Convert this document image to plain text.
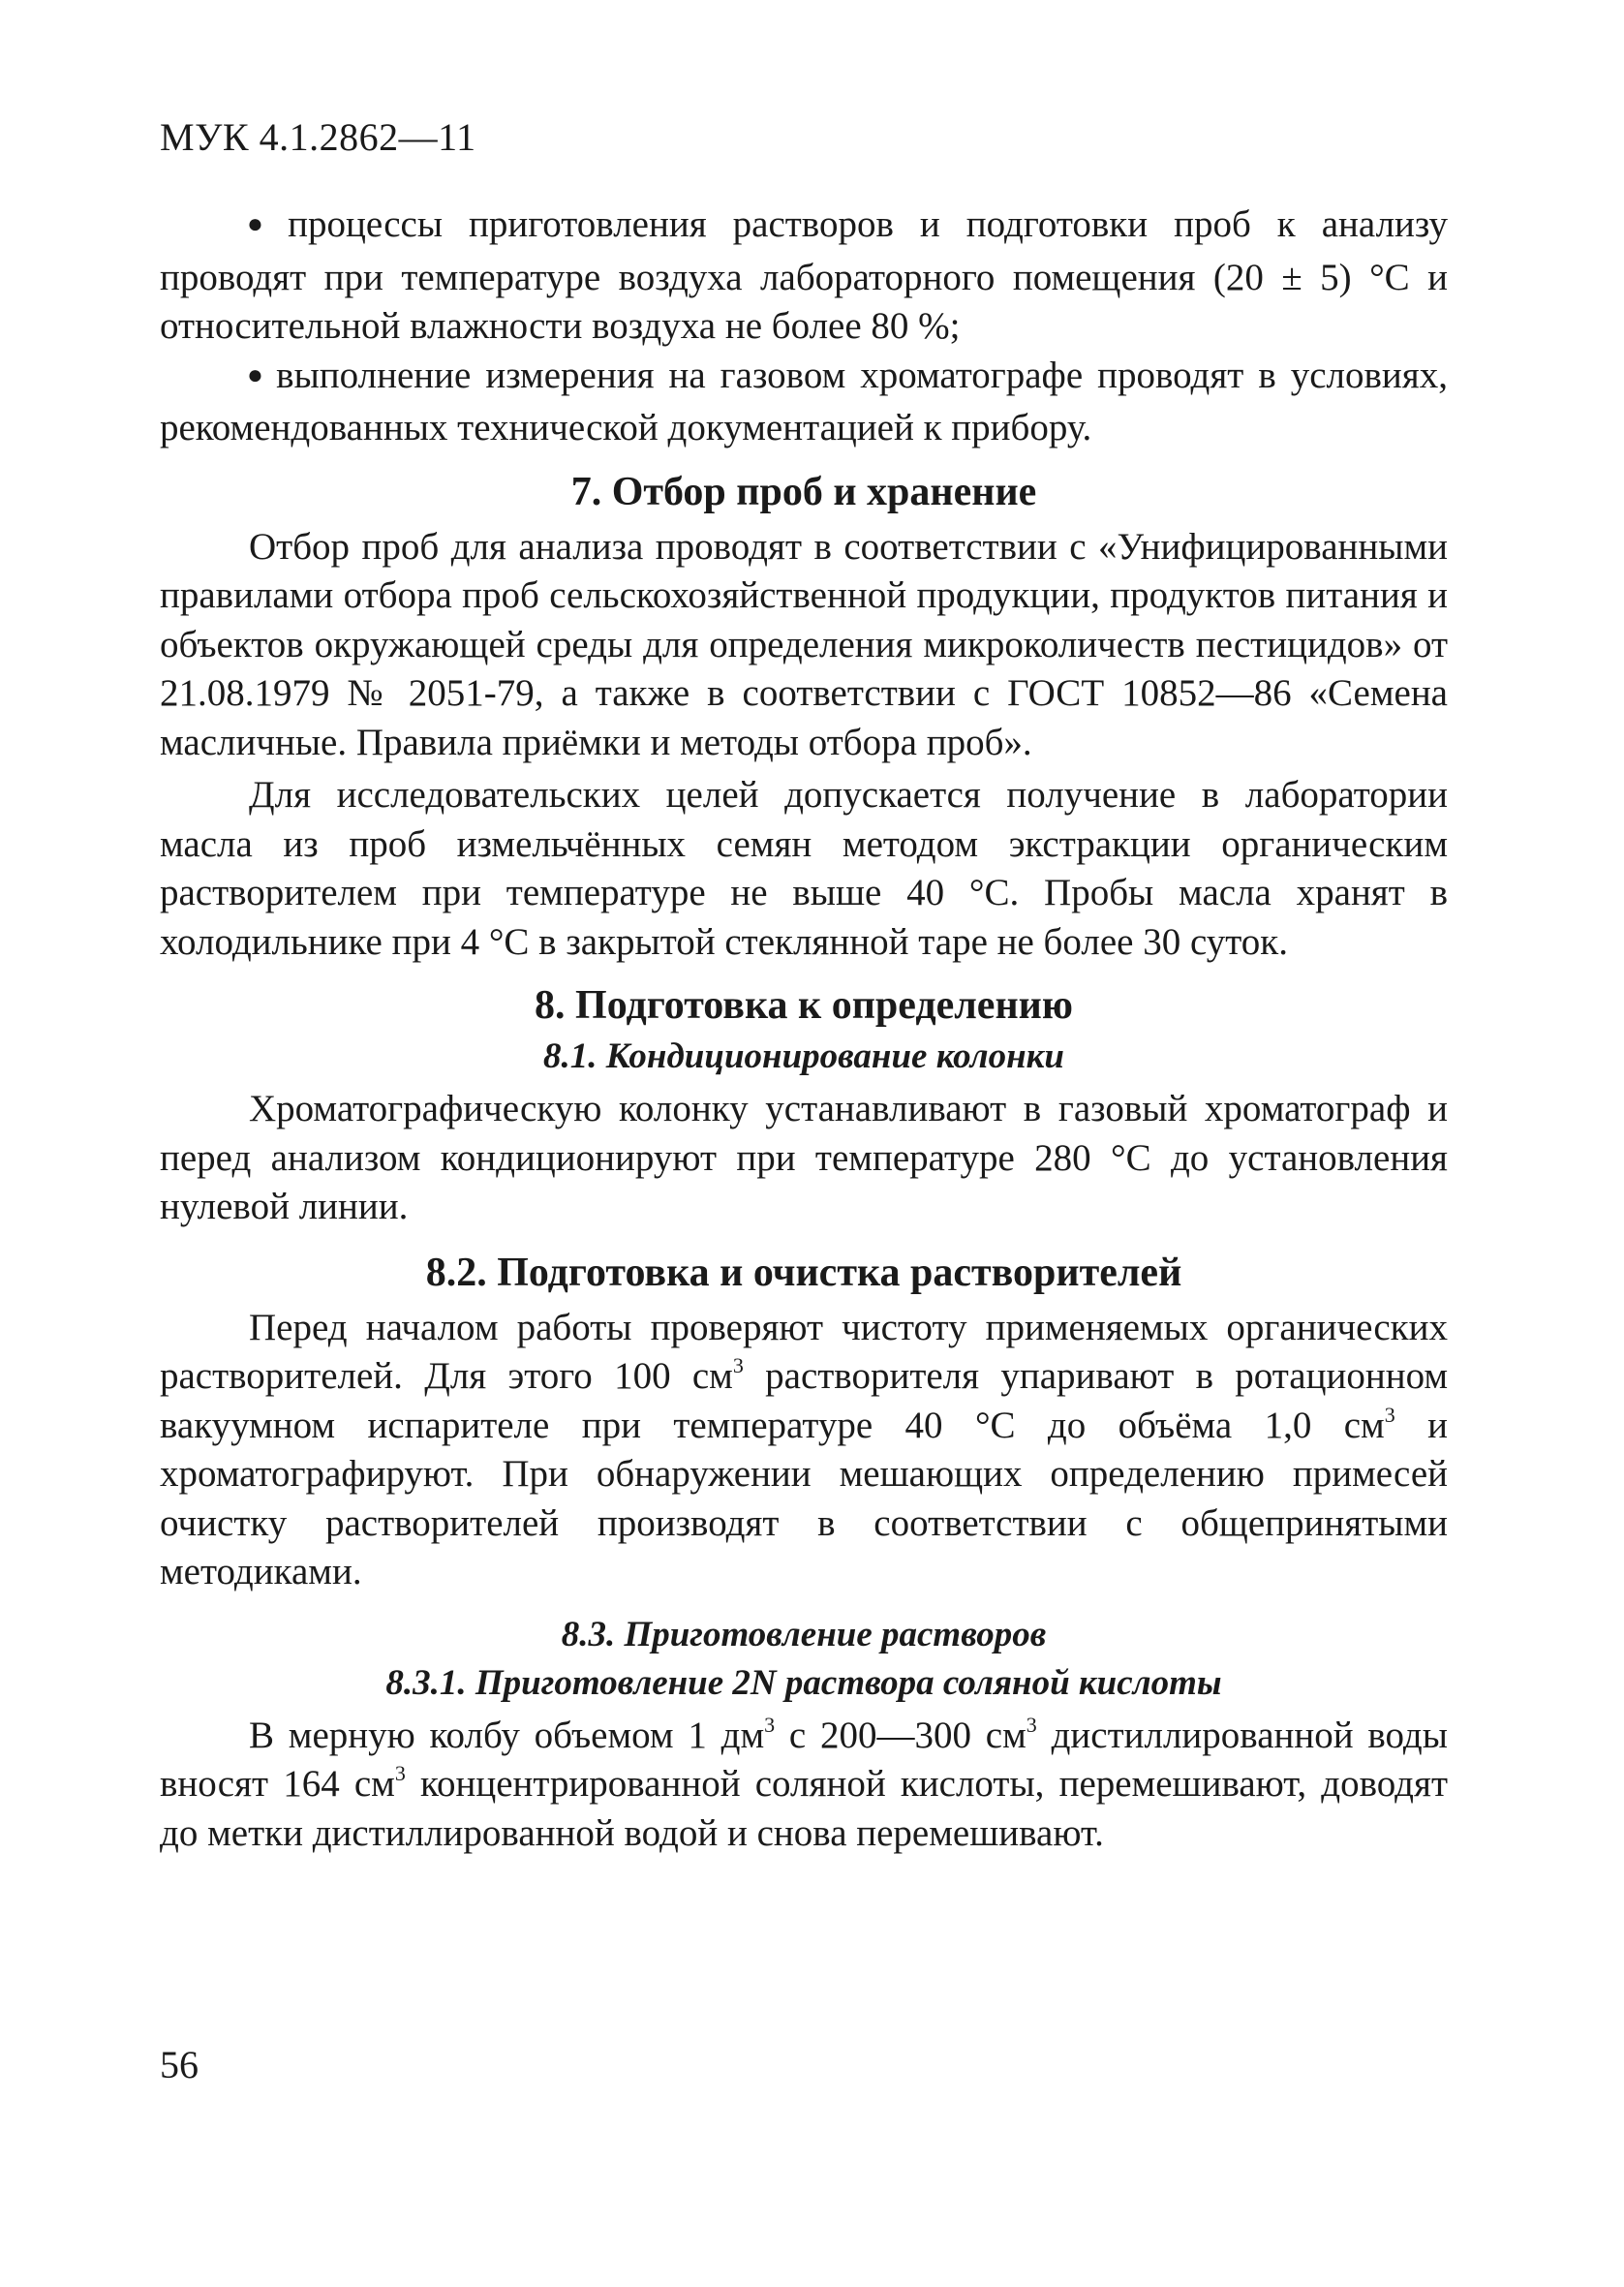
МУК 4.1.2862—11

● процессы приготовления растворов и подготовки проб к анализу проводят при температуре воздуха лабораторного помещения (20 ± 5) °С и относительной влажности воздуха не более 80 %;

● выполнение измерения на газовом хроматографе проводят в условиях, рекомендованных технической документацией к прибору.

7. Отбор проб и хранение

Отбор проб для анализа проводят в соответствии с «Унифицированными правилами отбора проб сельскохозяйственной продукции, продуктов питания и объектов окружающей среды для определения микроколичеств пестицидов» от 21.08.1979 № 2051-79, а также в соответствии с ГОСТ 10852—86 «Семена масличные. Правила приёмки и методы отбора проб».

Для исследовательских целей допускается получение в лаборатории масла из проб измельчённых семян методом экстракции органическим растворителем при температуре не выше 40 °С. Пробы масла хранят в холодильнике при 4 °С в закрытой стеклянной таре не более 30 суток.

8. Подготовка к определению
8.1. Кондиционирование колонки

Хроматографическую колонку устанавливают в газовый хроматограф и перед анализом кондиционируют при температуре 280 °С до установления нулевой линии.

8.2. Подготовка и очистка растворителей

Перед началом работы проверяют чистоту применяемых органических растворителей. Для этого 100 $см^3$ растворителя упаривают в ротационном вакуумном испарителе при температуре 40 °С до объёма 1,0 $см^3$ и хроматографируют. При обнаружении мешающих определению примесей очистку растворителей производят в соответствии с общепринятыми методиками.

8.3. Приготовление растворов
8.3.1. Приготовление 2N раствора соляной кислоты

В мерную колбу объемом 1 $дм^3$ с 200—300 $см^3$ дистиллированной воды вносят 164 $см^3$ концентрированной соляной кислоты, перемешивают, доводят до метки дистиллированной водой и снова перемешивают.

56
